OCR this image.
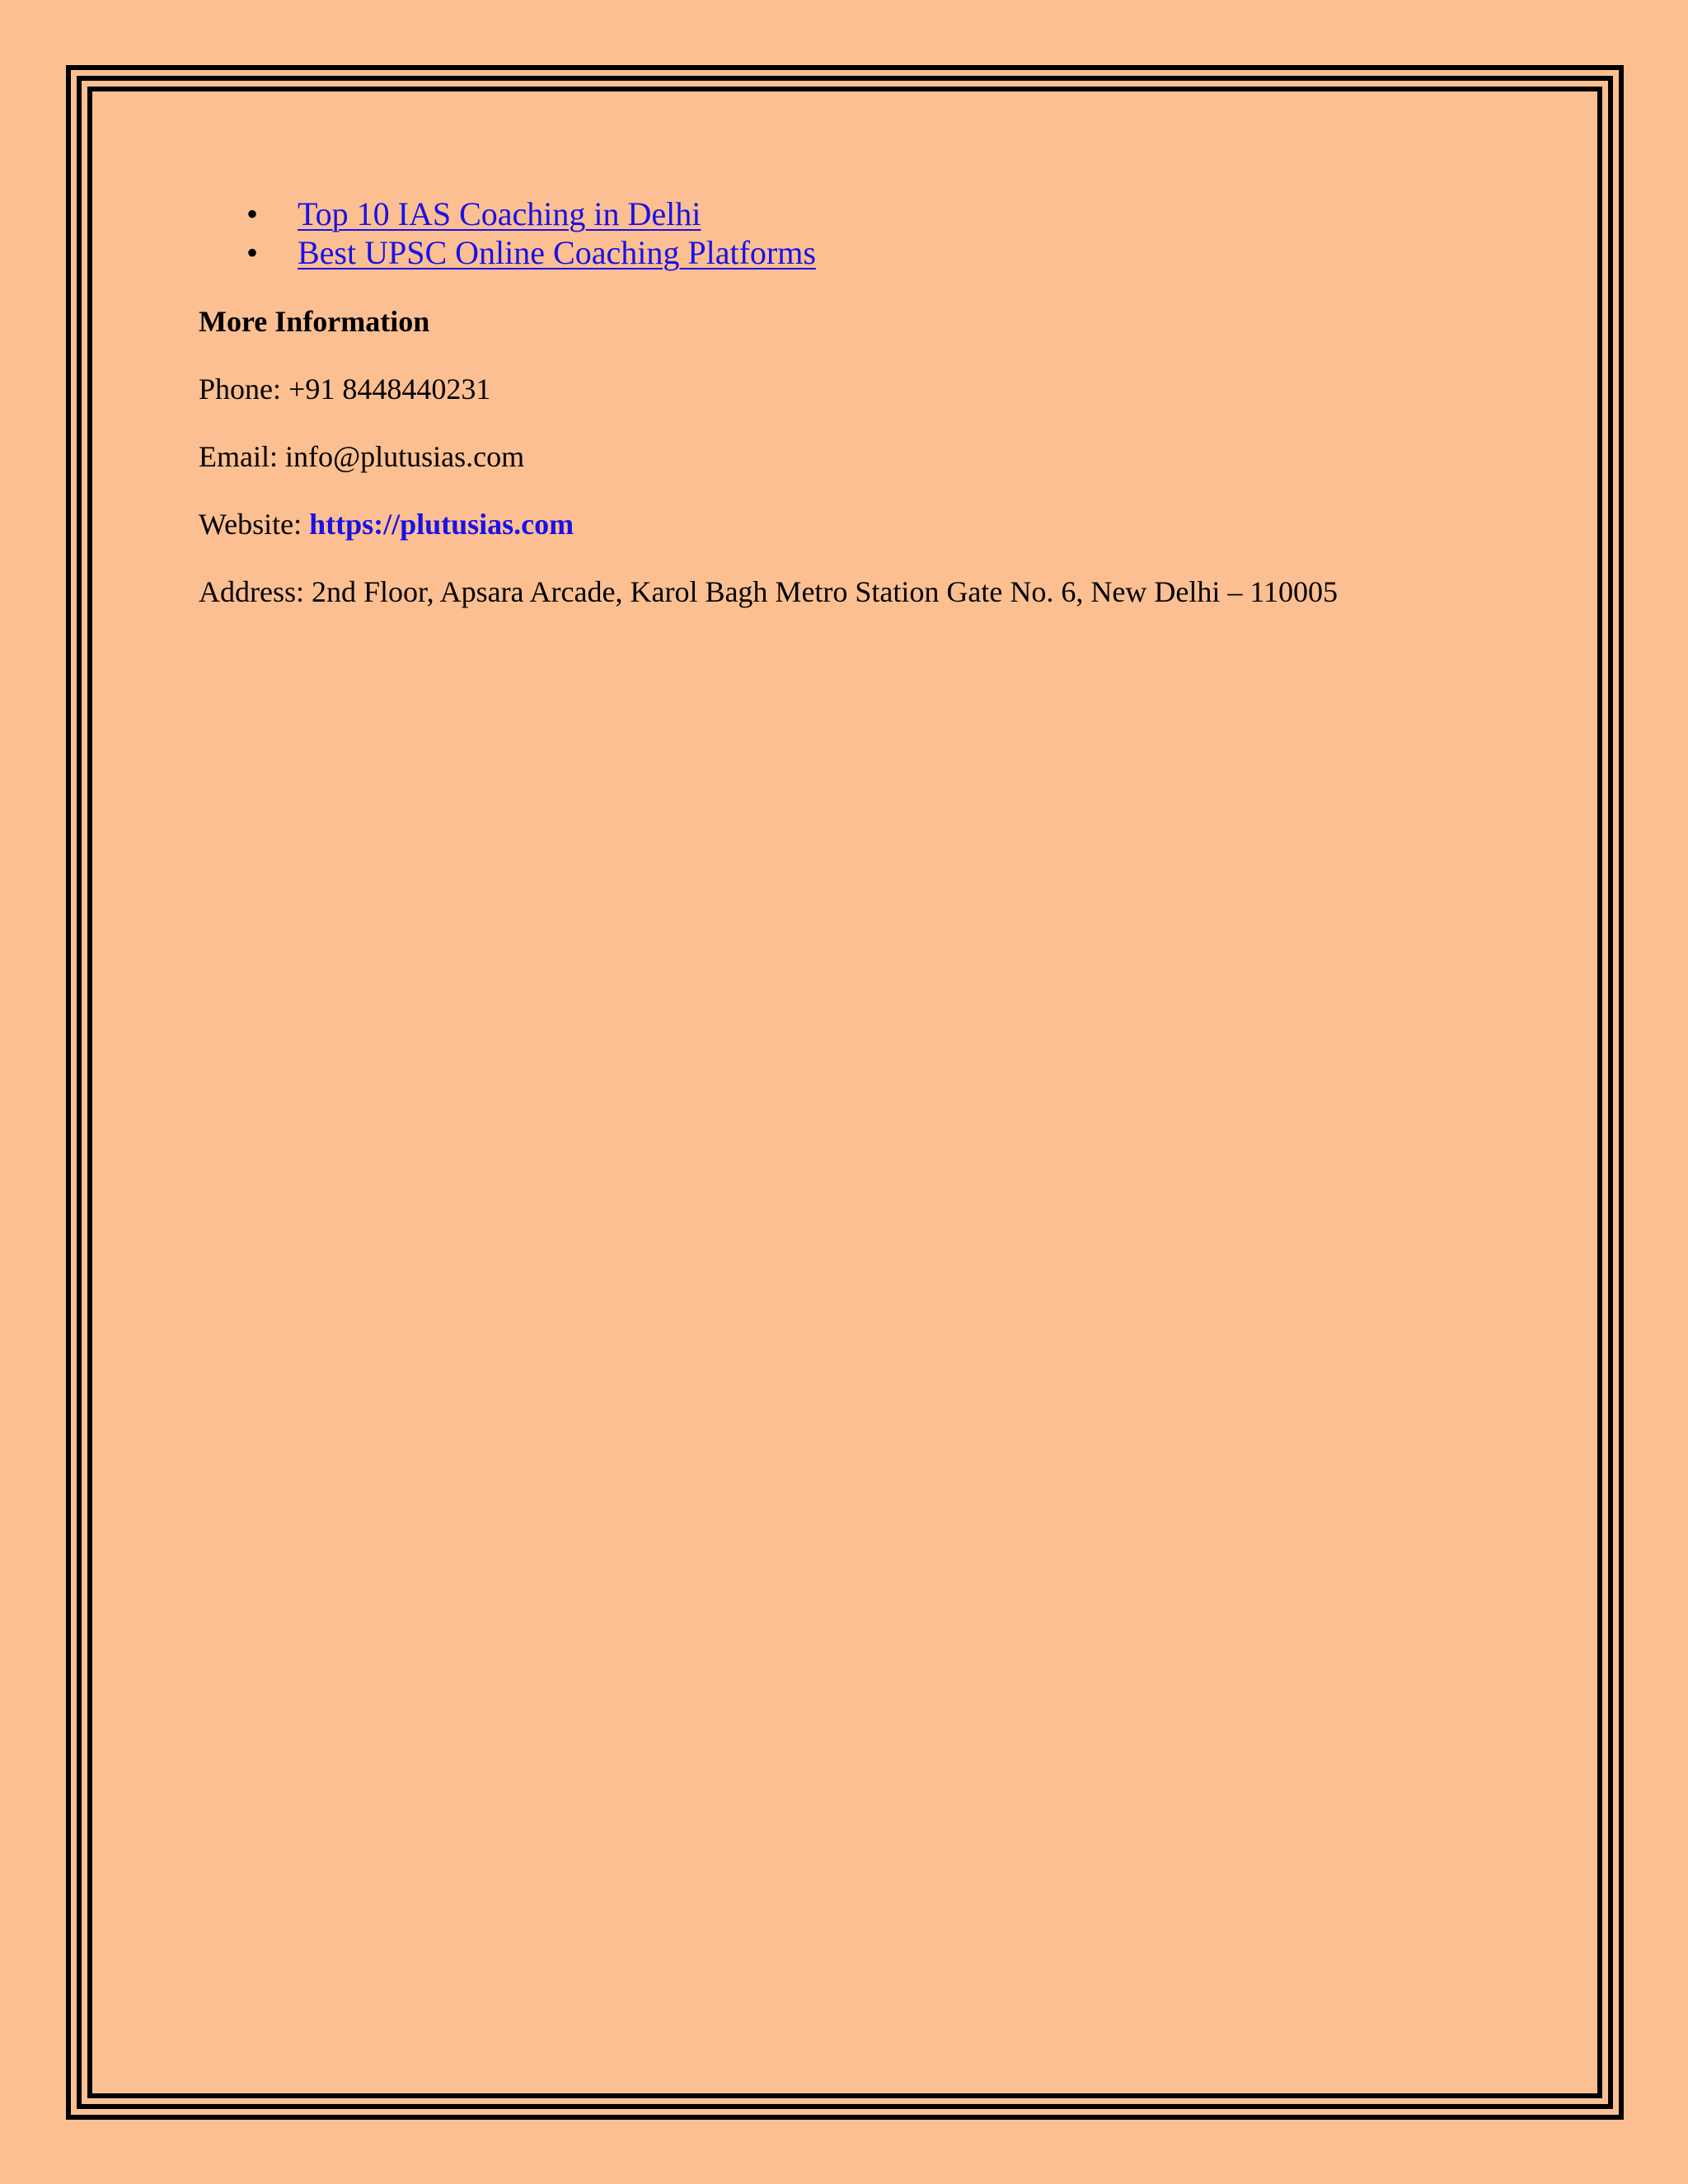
• Top 10 IAS Coaching in Delhi
• Best UPSC Online Coaching Platforms

More Information

Phone: +91 8448440231

Email: info@plutusias.com

Website: https://plutusias.com

Address: 2nd Floor, Apsara Arcade, Karol Bagh Metro Station Gate No. 6, New Delhi – 110005
